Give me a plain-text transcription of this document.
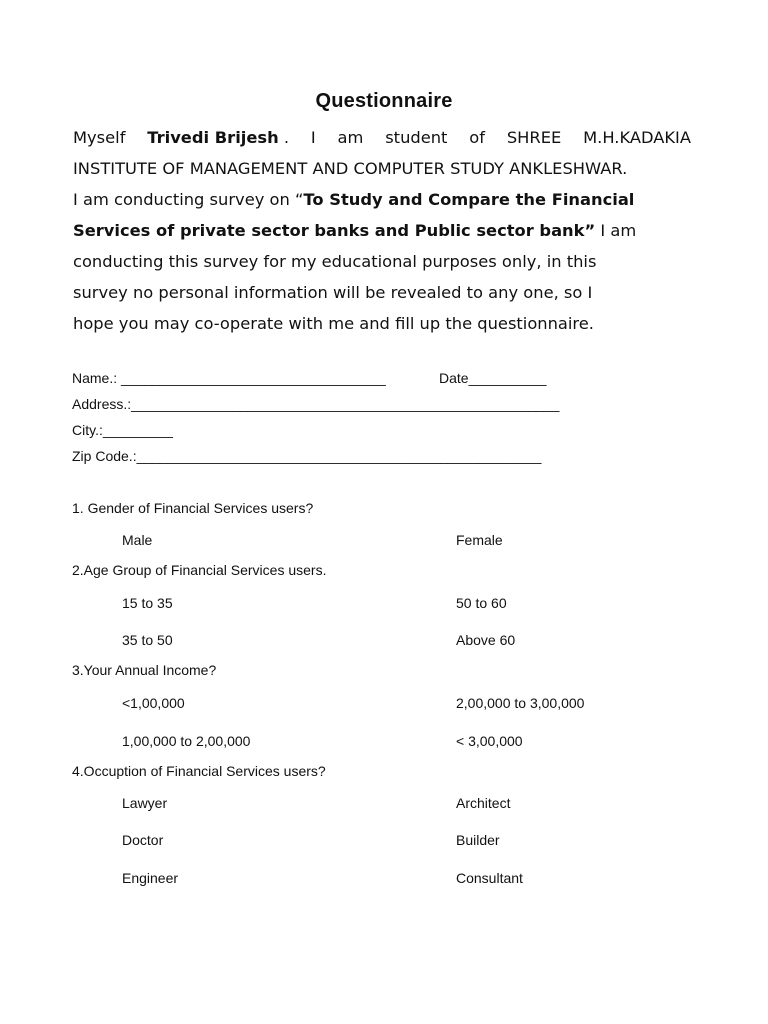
Questionnaire
Myself Trivedi Brijesh . I am student of SHREE M.H.KADAKIA
INSTITUTE OF MANAGEMENT AND COMPUTER STUDY ANKLESHWAR.
I am conducting survey on “To Study and Compare the Financial
Services of private sector banks and Public sector bank” I am
conducting this survey for my educational purposes only, in this
survey no personal information will be revealed to any one, so I
hope you may co-operate with me and fill up the questionnaire.
Name.: __________________________________	Date__________
Address.:_______________________________________________________
City.:_________
Zip Code.:____________________________________________________
1. Gender of Financial Services users?
Male	Female
2.Age Group of Financial Services users.
15 to 35	50 to 60
35 to 50	Above 60
3.Your Annual Income?
<1,00,000	2,00,000 to 3,00,000
1,00,000 to 2,00,000	< 3,00,000
4.Occuption of Financial Services users?
Lawyer	Architect
Doctor	Builder
Engineer	Consultant
